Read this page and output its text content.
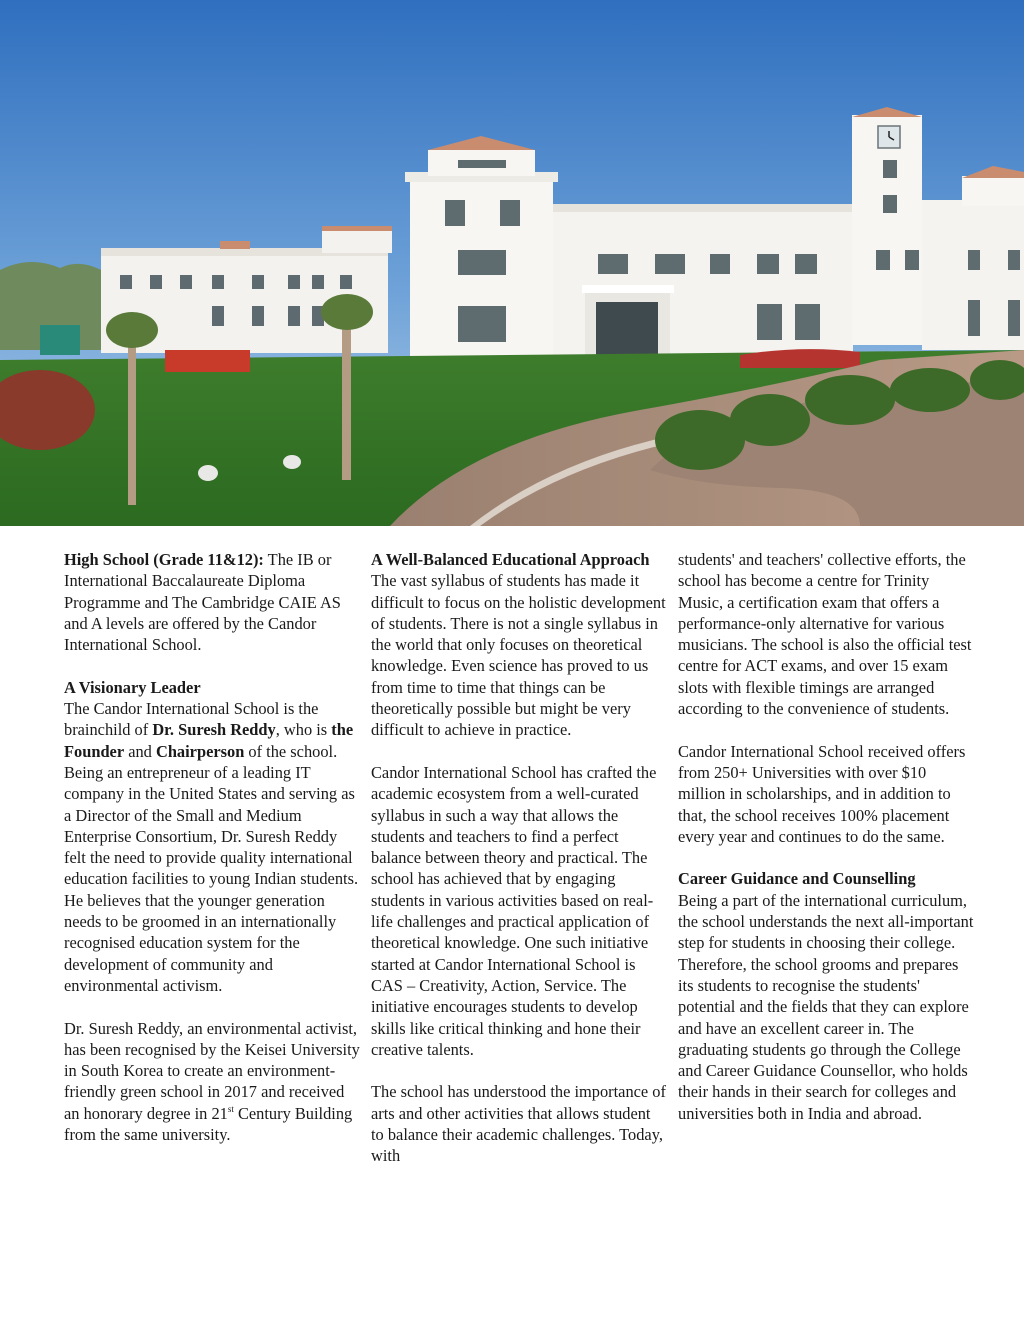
High School (Grade 11&12): The IB or International Baccalaureate Diploma Programme and The Cambridge CAIE AS and A levels are offered by the Candor International School.

A Visionary Leader
The Candor International School is the brainchild of Dr. Suresh Reddy, who is the Founder and Chairperson of the school. Being an entrepreneur of a leading IT company in the United States and serving as a Director of the Small and Medium Enterprise Consortium, Dr. Suresh Reddy felt the need to provide quality international education facilities to young Indian students. He believes that the younger generation needs to be groomed in an internationally recognised education system for the development of community and environmental activism.

Dr. Suresh Reddy, an environmental activist, has been recognised by the Keisei University in South Korea to create an environment-friendly green school in 2017 and received an honorary degree in 21st Century Building from the same university.

A Well-Balanced Educational Approach
The vast syllabus of students has made it difficult to focus on the holistic development of students. There is not a single syllabus in the world that only focuses on theoretical knowledge. Even science has proved to us from time to time that things can be theoretically possible but might be very difficult to achieve in practice.

Candor International School has crafted the academic ecosystem from a well-curated syllabus in such a way that allows the students and teachers to find a perfect balance between theory and practical. The school has achieved that by engaging students in various activities based on real-life challenges and practical application of theoretical knowledge. One such initiative started at Candor International School is CAS – Creativity, Action, Service. The initiative encourages students to develop skills like critical thinking and hone their creative talents.

The school has understood the importance of arts and other activities that allows student to balance their academic challenges. Today, with

students' and teachers' collective efforts, the school has become a centre for Trinity Music, a certification exam that offers a performance-only alternative for various musicians. The school is also the official test centre for ACT exams, and over 15 exam slots with flexible timings are arranged according to the convenience of students.

Candor International School received offers from 250+ Universities with over $10 million in scholarships, and in addition to that, the school receives 100% placement every year and continues to do the same.

Career Guidance and Counselling
Being a part of the international curriculum, the school understands the next all-important step for students in choosing their college. Therefore, the school grooms and prepares its students to recognise the students' potential and the fields that they can explore and have an excellent career in. The graduating students go through the College and Career Guidance Counsellor, who holds their hands in their search for colleges and universities both in India and abroad.
